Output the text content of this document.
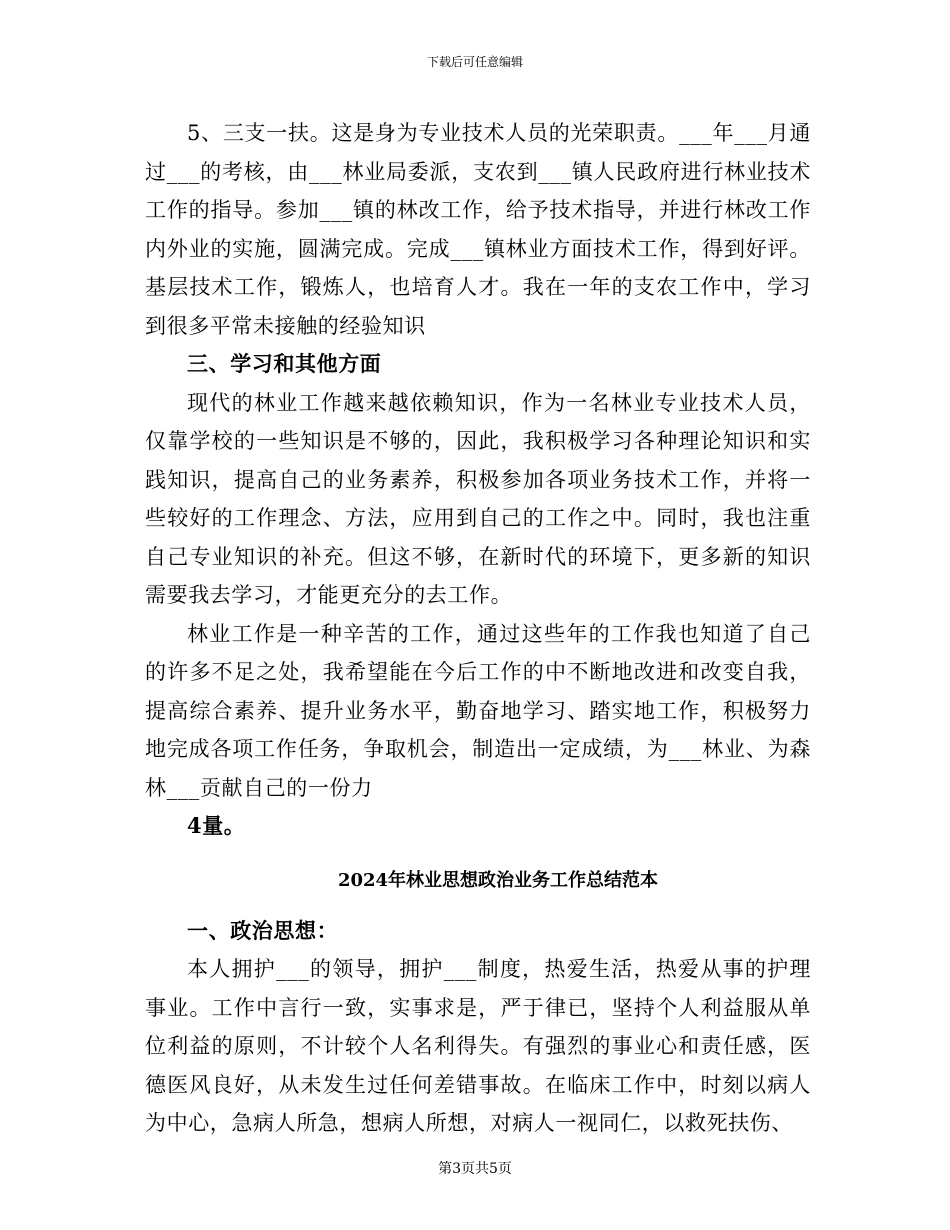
下载后可任意编辑

5、三支一扶。这是身为专业技术人员的光荣职责。___年___月通过___的考核，由___林业局委派，支农到___镇人民政府进行林业技术工作的指导。参加___镇的林改工作，给予技术指导，并进行林改工作内外业的实施，圆满完成。完成___镇林业方面技术工作，得到好评。基层技术工作，锻炼人，也培育人才。我在一年的支农工作中，学习到很多平常未接触的经验知识

三、学习和其他方面

现代的林业工作越来越依赖知识，作为一名林业专业技术人员，仅靠学校的一些知识是不够的，因此，我积极学习各种理论知识和实践知识，提高自己的业务素养，积极参加各项业务技术工作，并将一些较好的工作理念、方法，应用到自己的工作之中。同时，我也注重自己专业知识的补充。但这不够，在新时代的环境下，更多新的知识需要我去学习，才能更充分的去工作。

林业工作是一种辛苦的工作，通过这些年的工作我也知道了自己的许多不足之处，我希望能在今后工作的中不断地改进和改变自我，提高综合素养、提升业务水平，勤奋地学习、踏实地工作，积极努力地完成各项工作任务，争取机会，制造出一定成绩，为___林业、为森林___贡献自己的一份力

4量。

2024年林业思想政治业务工作总结范本

一、政治思想：

本人拥护___的领导，拥护___制度，热爱生活，热爱从事的护理事业。工作中言行一致，实事求是，严于律已，坚持个人利益服从单位利益的原则，不计较个人名利得失。有强烈的事业心和责任感，医德医风良好，从未发生过任何差错事故。在临床工作中，时刻以病人为中心，急病人所急，想病人所想，对病人一视同仁，以救死扶伤、

第3页共5页
